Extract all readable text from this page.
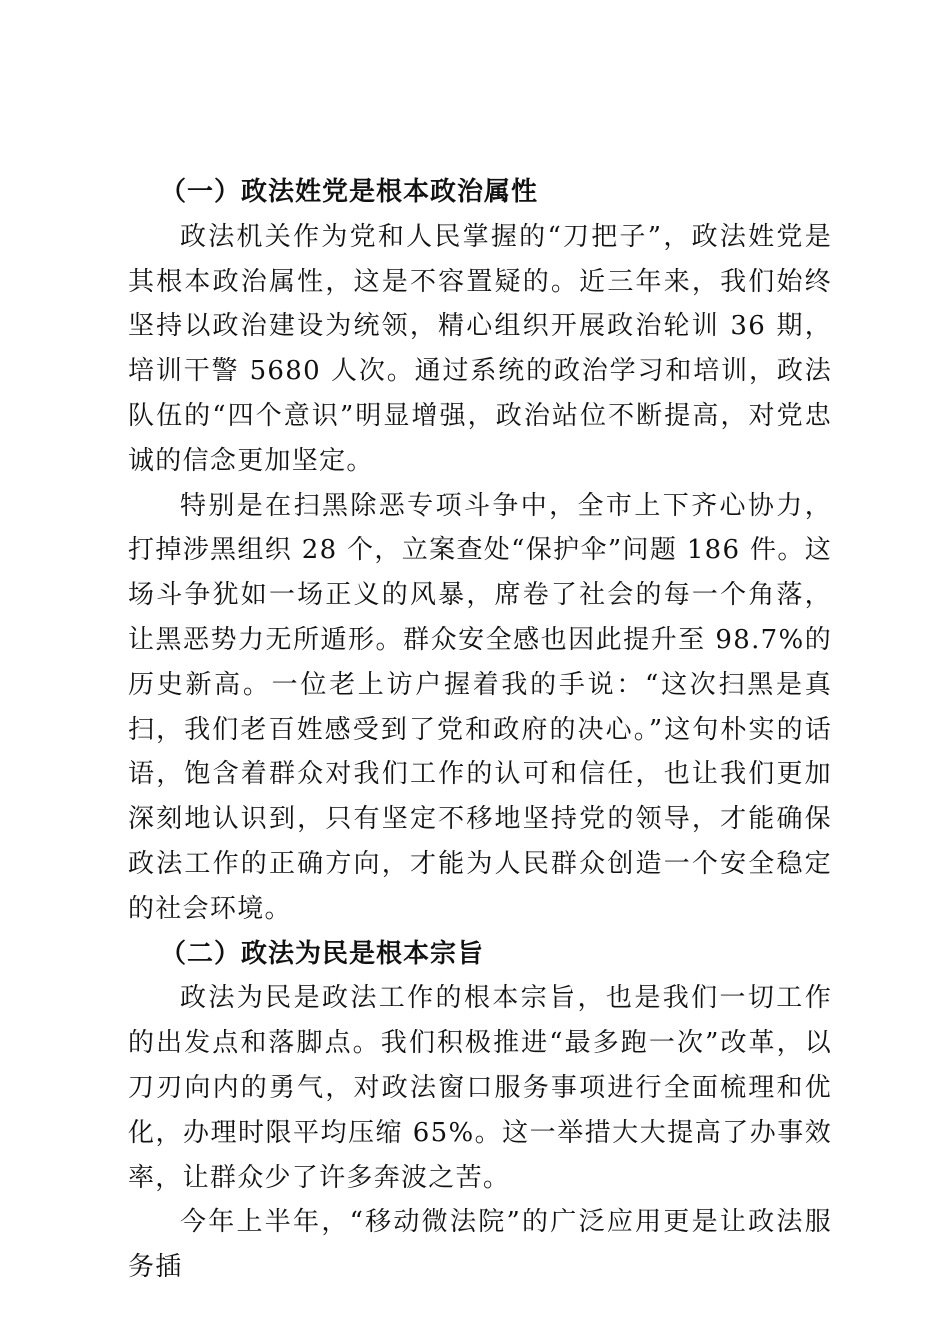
（一）政法姓党是根本政治属性

政法机关作为党和人民掌握的“刀把子”，政法姓党是其根本政治属性，这是不容置疑的。近三年来，我们始终坚持以政治建设为统领，精心组织开展政治轮训 36 期，培训干警 5680 人次。通过系统的政治学习和培训，政法队伍的“四个意识”明显增强，政治站位不断提高，对党忠诚的信念更加坚定。

特别是在扫黑除恶专项斗争中，全市上下齐心协力，打掉涉黑组织 28 个，立案查处“保护伞”问题 186 件。这场斗争犹如一场正义的风暴，席卷了社会的每一个角落，让黑恶势力无所遁形。群众安全感也因此提升至 98.7%的历史新高。一位老上访户握着我的手说：“这次扫黑是真扫，我们老百姓感受到了党和政府的决心。”这句朴实的话语，饱含着群众对我们工作的认可和信任，也让我们更加深刻地认识到，只有坚定不移地坚持党的领导，才能确保政法工作的正确方向，才能为人民群众创造一个安全稳定的社会环境。

（二）政法为民是根本宗旨

政法为民是政法工作的根本宗旨，也是我们一切工作的出发点和落脚点。我们积极推进“最多跑一次”改革，以刀刃向内的勇气，对政法窗口服务事项进行全面梳理和优化，办理时限平均压缩 65%。这一举措大大提高了办事效率，让群众少了许多奔波之苦。

今年上半年，“移动微法院”的广泛应用更是让政法服务插
